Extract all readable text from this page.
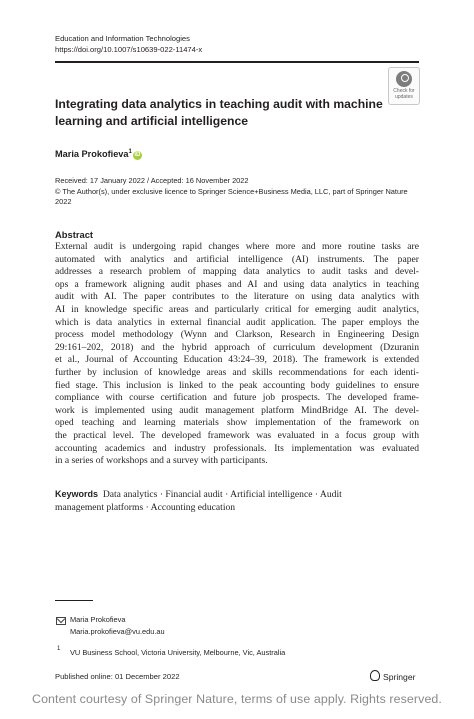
Education and Information Technologies
https://doi.org/10.1007/s10639-022-11474-x
Check for
updates
Integrating data analytics in teaching audit with machine
learning and artificial intelligence
Maria Prokofieva$^1$iD
Received: 17 January 2022 / Accepted: 16 November 2022
© The Author(s), under exclusive licence to Springer Science+Business Media, LLC, part of Springer Nature
2022
Abstract
External audit is undergoing rapid changes where more and more routine tasks are
automated with analytics and artificial intelligence (AI) instruments. The paper
addresses a research problem of mapping data analytics to audit tasks and devel-
ops a framework aligning audit phases and AI and using data analytics in teaching
audit with AI. The paper contributes to the literature on using data analytics with
AI in knowledge specific areas and particularly critical for emerging audit analytics,
which is data analytics in external financial audit application. The paper employs the
process model methodology (Wynn and Clarkson, Research in Engineering Design
29:161–202, 2018) and the hybrid approach of curriculum development (Dzuranin
et al., Journal of Accounting Education 43:24–39, 2018). The framework is extended
further by inclusion of knowledge areas and skills recommendations for each identi-
fied stage. This inclusion is linked to the peak accounting body guidelines to ensure
compliance with course certification and future job prospects. The developed frame-
work is implemented using audit management platform MindBridge AI. The devel-
oped teaching and learning materials show implementation of the framework on
the practical level. The developed framework was evaluated in a focus group with
accounting academics and industry professionals. Its implementation was evaluated
in a series of workshops and a survey with participants.
Keywords Data analytics · Financial audit · Artificial intelligence · Audit
management platforms · Accounting education
Maria Prokofieva
Maria.prokofieva@vu.edu.au
1 VU Business School, Victoria University, Melbourne, Vic, Australia
Published online: 01 December 2022	Springer
Content courtesy of Springer Nature, terms of use apply. Rights reserved.
